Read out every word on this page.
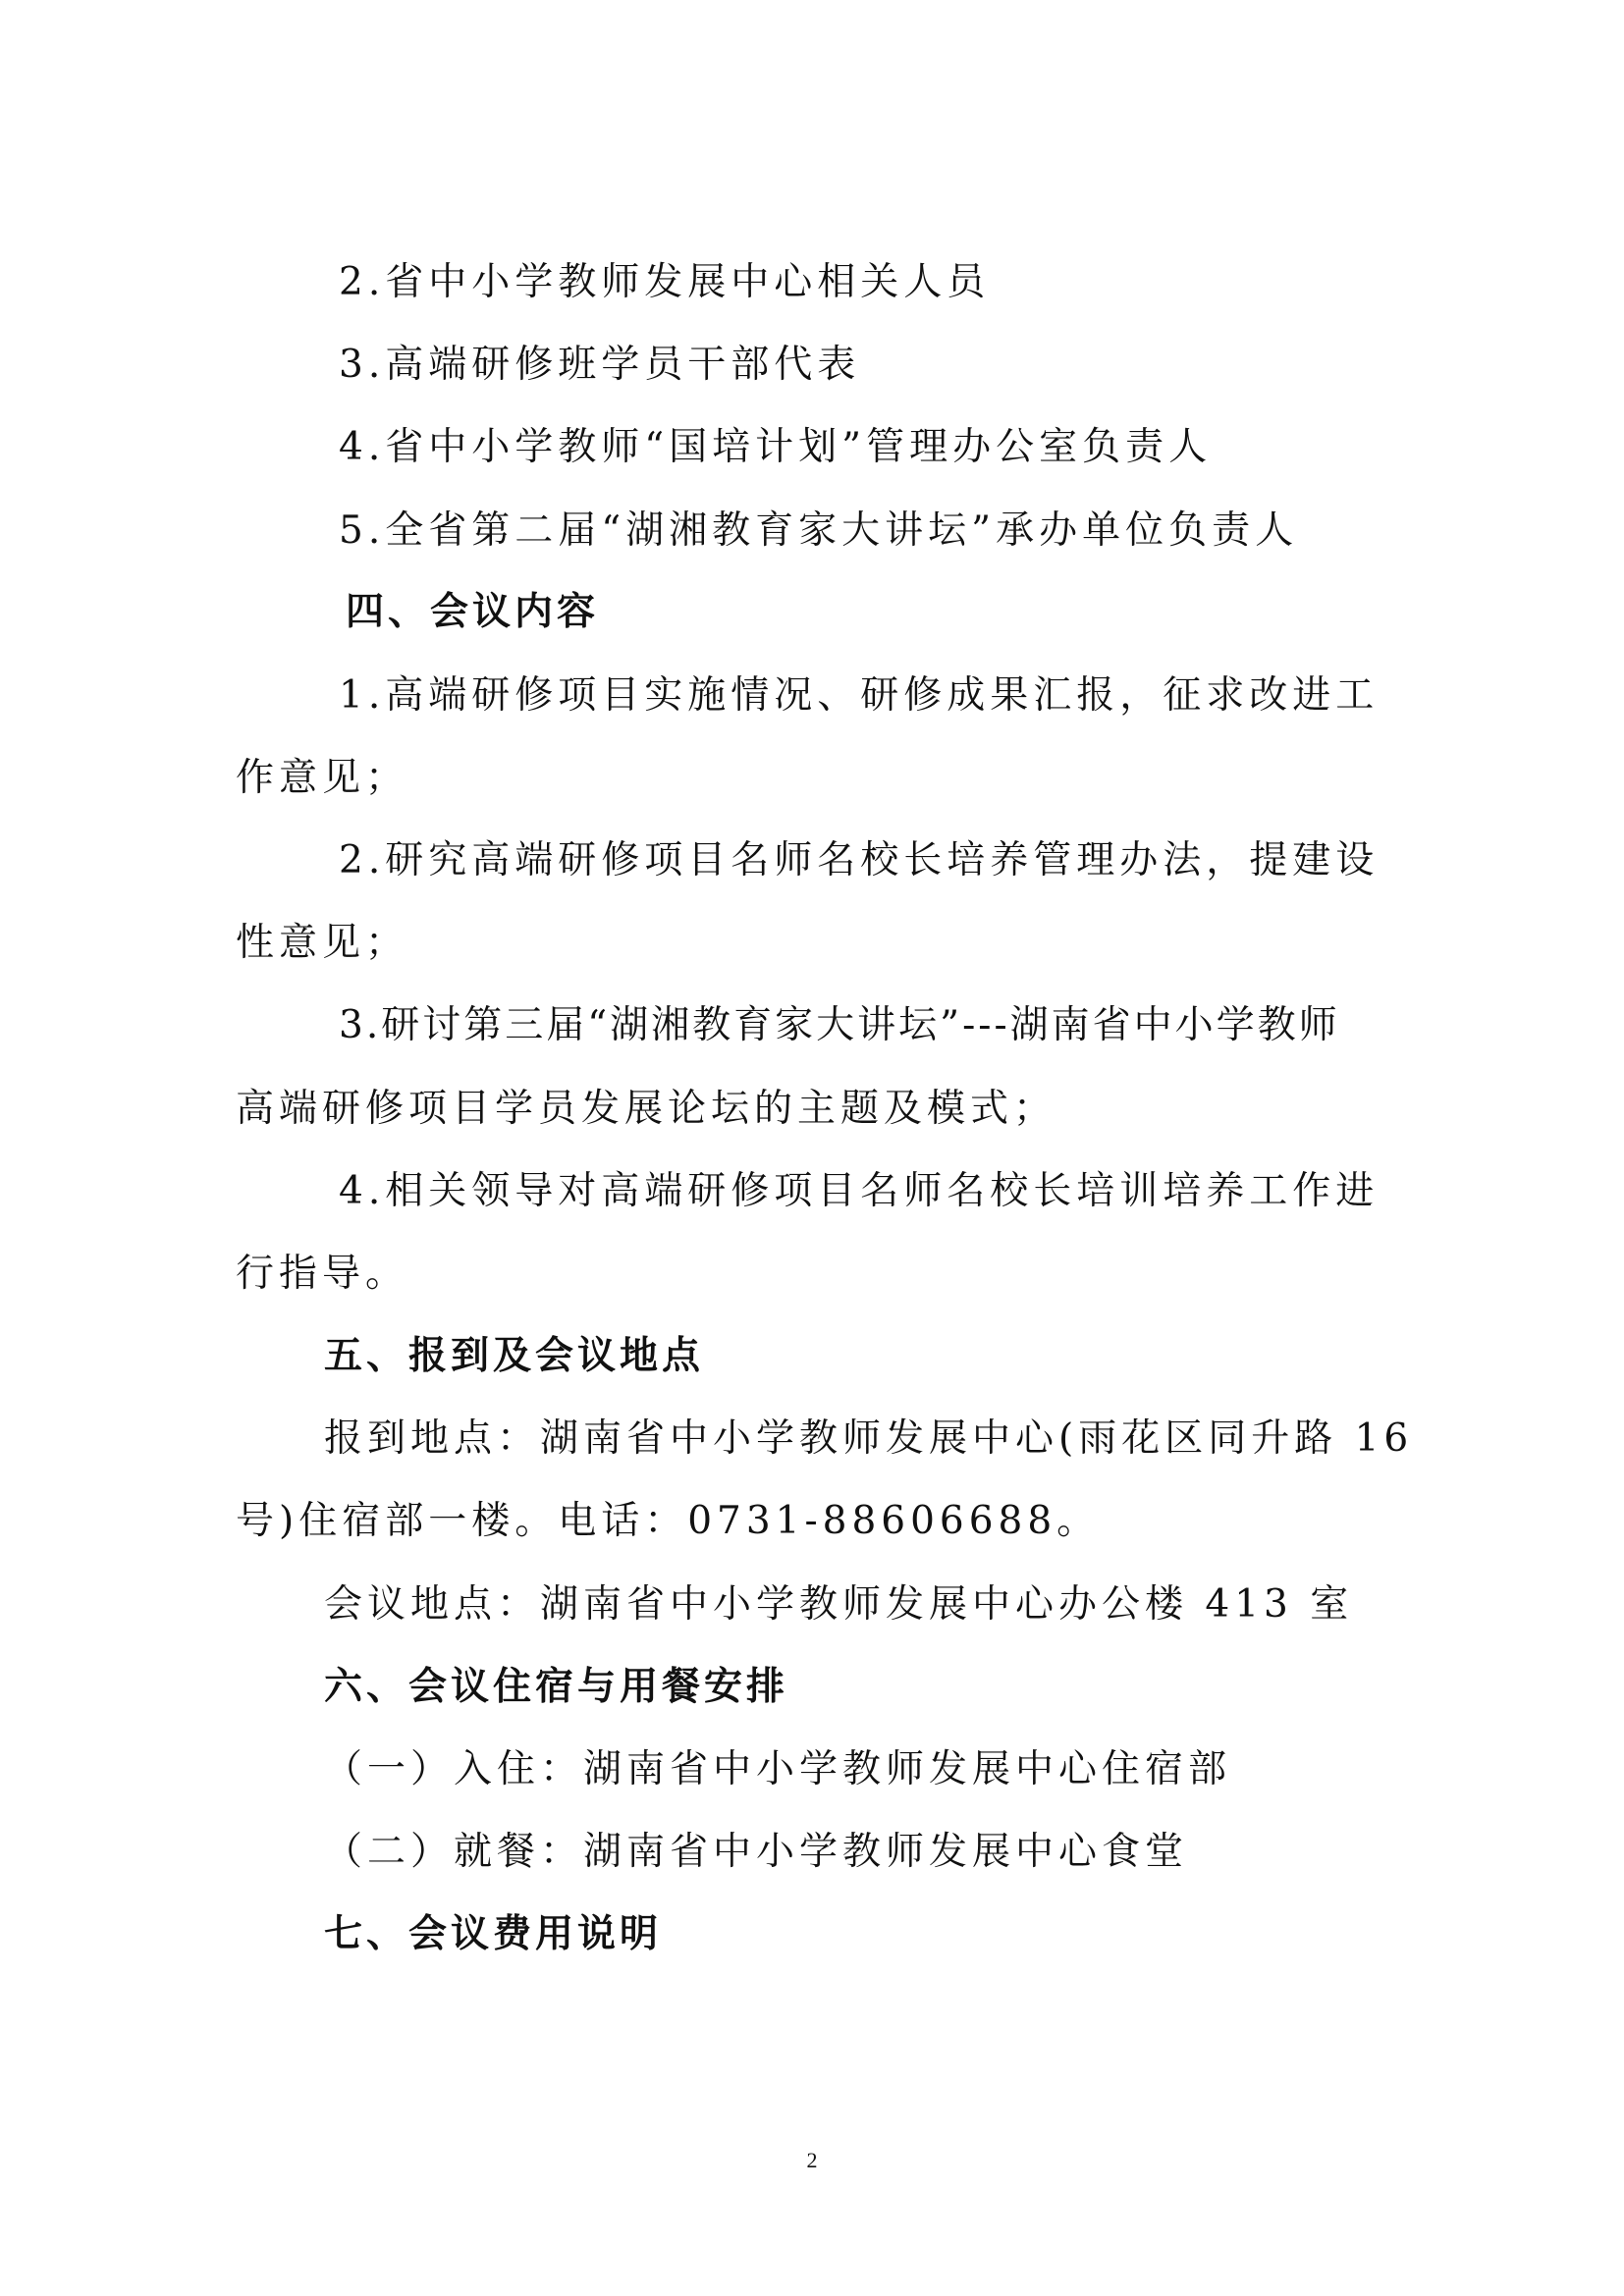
2.省中小学教师发展中心相关人员
3.高端研修班学员干部代表
4.省中小学教师“国培计划”管理办公室负责人
5.全省第二届“湖湘教育家大讲坛”承办单位负责人
四、会议内容
1.高端研修项目实施情况、研修成果汇报，征求改进工
作意见；
2.研究高端研修项目名师名校长培养管理办法，提建设
性意见；
3.研讨第三届“湖湘教育家大讲坛”---湖南省中小学教师
高端研修项目学员发展论坛的主题及模式；
4.相关领导对高端研修项目名师名校长培训培养工作进
行指导。
五、报到及会议地点
报到地点：湖南省中小学教师发展中心(雨花区同升路 16
号)住宿部一楼。电话：0731-88606688。
会议地点：湖南省中小学教师发展中心办公楼 413 室
六、会议住宿与用餐安排
（一）入住：湖南省中小学教师发展中心住宿部
（二）就餐：湖南省中小学教师发展中心食堂
七、会议费用说明
2
